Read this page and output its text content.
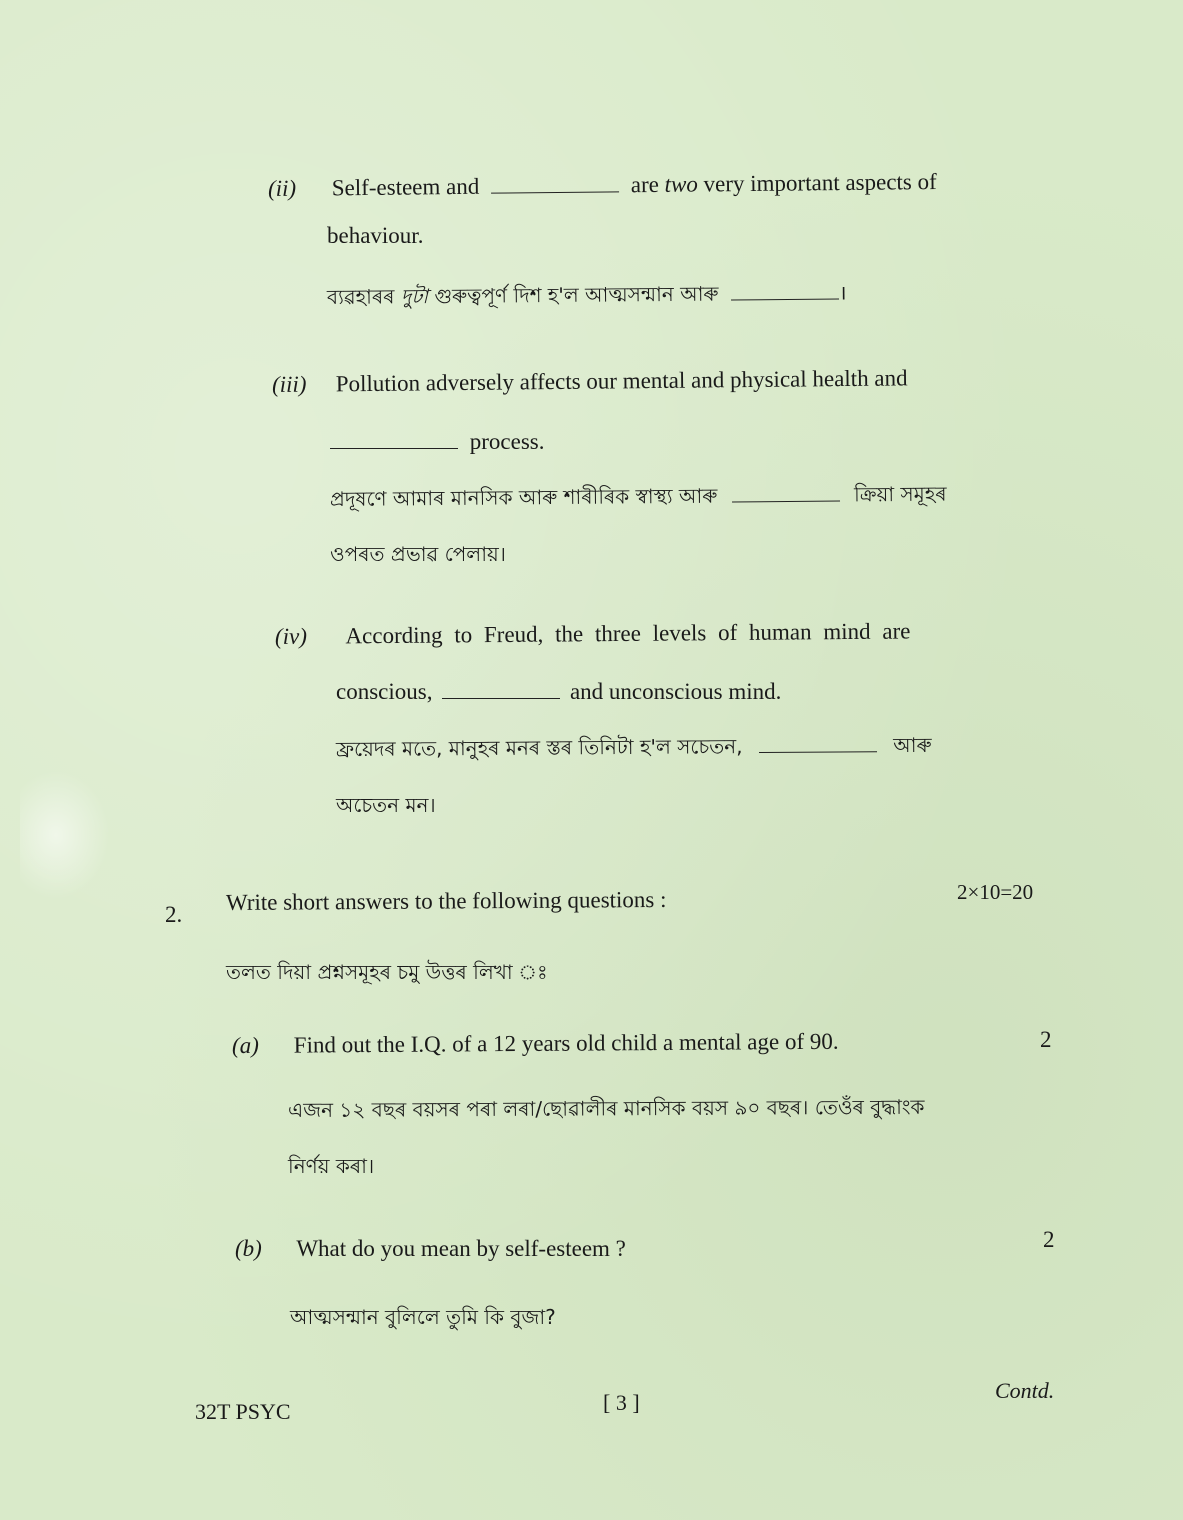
(ii) Self-esteem and	are two very important aspects of
behaviour.
ব্যৱহাৰৰ দুটা গুৰুত্বপূৰ্ণ দিশ হ'ল আত্মসন্মান আৰু	।
(iii) Pollution adversely affects our mental and physical health and
process.
প্ৰদূষণে আমাৰ মানসিক আৰু শাৰীৰিক স্বাস্থ্য আৰু	ক্ৰিয়া সমূহৰ
ওপৰত প্ৰভাৱ পেলায়।
(iv) According to Freud, the three levels of human mind are
conscious,	and unconscious mind.
ফ্ৰয়েদৰ মতে, মানুহৰ মনৰ স্তৰ তিনিটা হ'ল সচেতন,	আৰু
অচেতন মন।
2. Write short answers to the following questions :	2×10=20
তলত দিয়া প্ৰশ্নসমূহৰ চমু উত্তৰ লিখা ঃ
(a) Find out the I.Q. of a 12 years old child a mental age of 90.	2
এজন ১২ বছৰ বয়সৰ পৰা লৰা/ছোৱালীৰ মানসিক বয়স ৯০ বছৰ। তেওঁৰ বুদ্ধাংক
নিৰ্ণয় কৰা।
(b) What do you mean by self-esteem ?	2
আত্মসন্মান বুলিলে তুমি কি বুজা?
32T PSYC	[ 3 ]	Contd.
